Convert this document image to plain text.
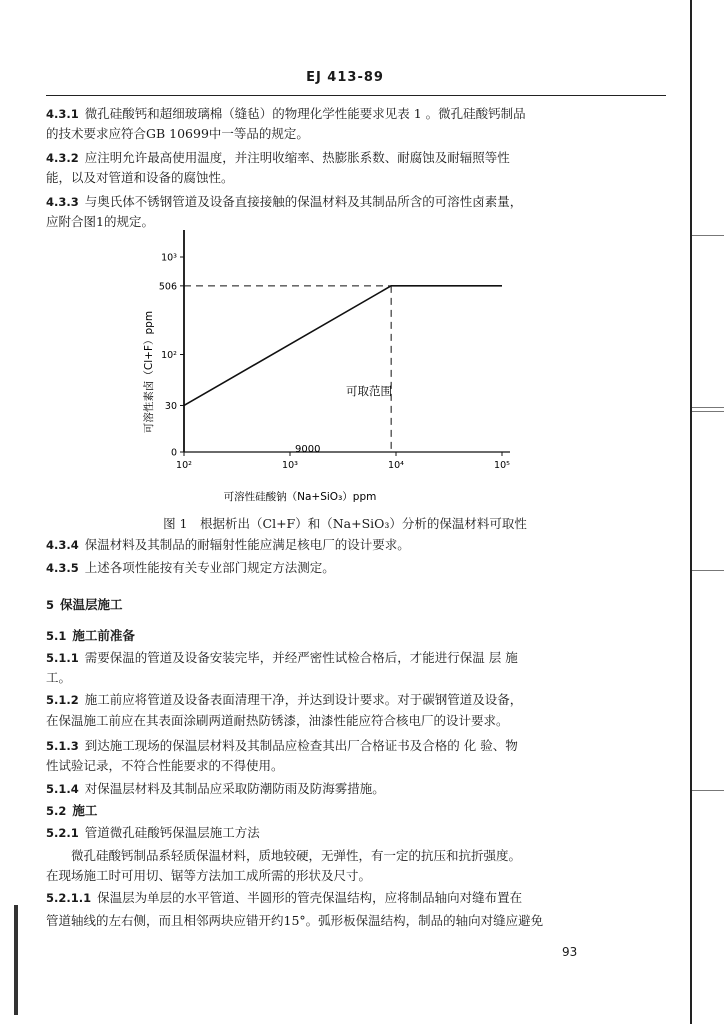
EJ 413-89
4.3.1 微孔硅酸钙和超细玻璃棉（缝毡）的物理化学性能要求见表 1 。微孔硅酸钙制品
的技术要求应符合GB 10699中一等品的规定。
4.3.2 应注明允许最高使用温度，并注明收缩率、热膨胀系数、耐腐蚀及耐辐照等性
能，以及对管道和设备的腐蚀性。
4.3.3 与奥氏体不锈钢管道及设备直接接触的保温材料及其制品所含的可溶性卤素量，
应附合图1的规定。
可溶性素卤（Cl+F）ppm
10²	10³	10⁴	10⁵
0
30
10²
506
10³
9000
可取范围
可溶性硅酸钠（Na+SiO₃）ppm
图 1　根据析出（Cl+F）和（Na+SiO₃）分析的保温材料可取性
4.3.4 保温材料及其制品的耐辐射性能应满足核电厂的设计要求。
4.3.5 上述各项性能按有关专业部门规定方法测定。
5 保温层施工
5.1 施工前准备
5.1.1 需要保温的管道及设备安装完毕，并经严密性试检合格后，才能进行保温 层 施
工。
5.1.2 施工前应将管道及设备表面清理干净，并达到设计要求。对于碳钢管道及设备，
在保温施工前应在其表面涂刷两道耐热防锈漆，油漆性能应符合核电厂的设计要求。
5.1.3 到达施工现场的保温层材料及其制品应检查其出厂合格证书及合格的 化 验、物
性试验记录，不符合性能要求的不得使用。
5.1.4 对保温层材料及其制品应采取防潮防雨及防海雾措施。
5.2 施工
5.2.1 管道微孔硅酸钙保温层施工方法
　　微孔硅酸钙制品系轻质保温材料，质地较硬，无弹性，有一定的抗压和抗折强度。
在现场施工时可用切、锯等方法加工成所需的形状及尺寸。
5.2.1.1 保温层为单层的水平管道、半圆形的管壳保温结构，应将制品轴向对缝布置在
管道轴线的左右侧，而且相邻两块应错开约15°。弧形板保温结构，制品的轴向对缝应避免
93
